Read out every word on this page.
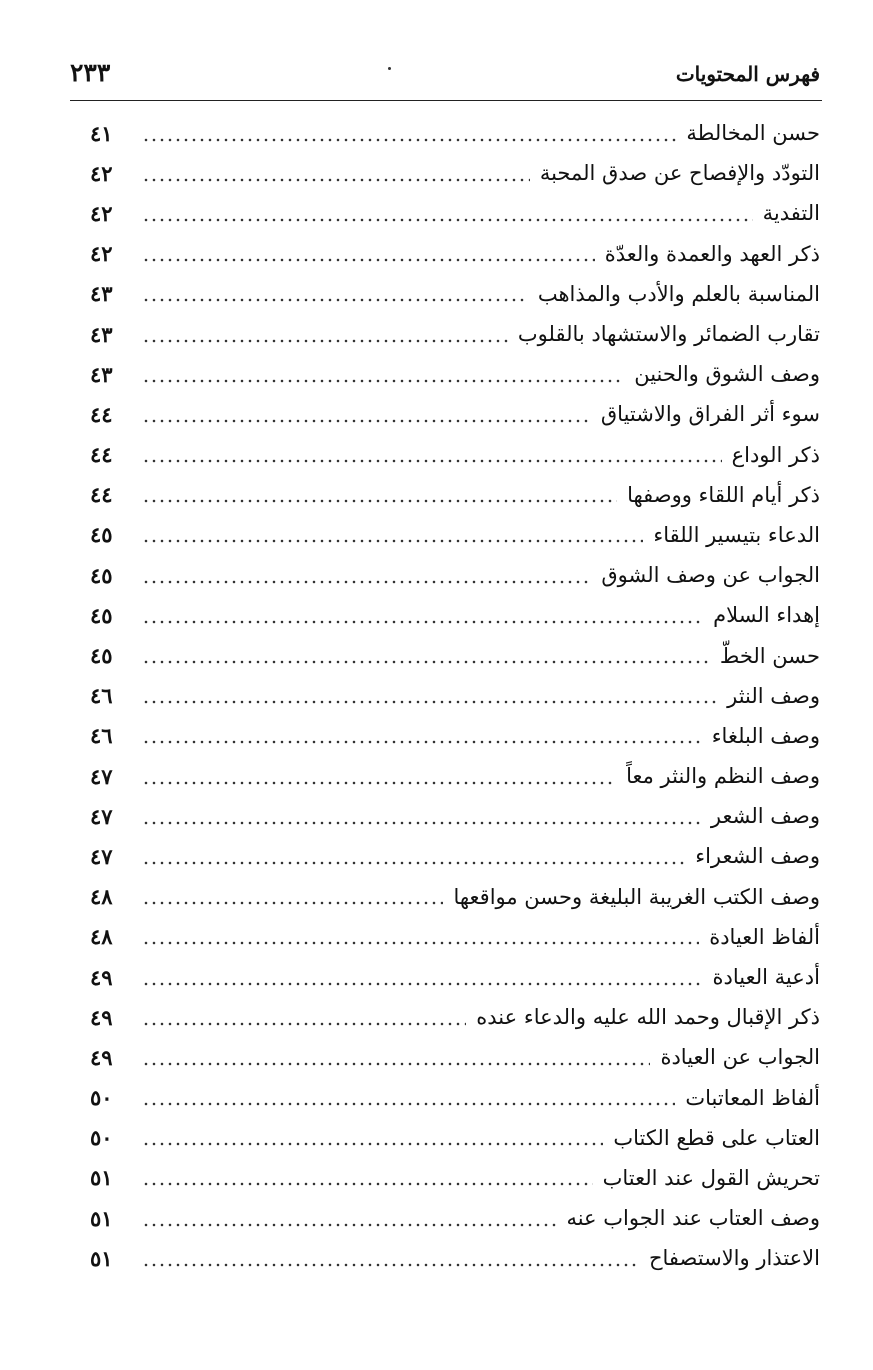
فهرس المحتويات
٢٣٣
حسن المخالطة
٤١
التودّد والإفصاح عن صدق المحبة
٤٢
التفدية
٤٢
ذكر العهد والعمدة والعدّة
٤٢
المناسبة بالعلم والأدب والمذاهب
٤٣
تقارب الضمائر والاستشهاد بالقلوب
٤٣
وصف الشوق والحنين
٤٣
سوء أثر الفراق والاشتياق
٤٤
ذكر الوداع
٤٤
ذكر أيام اللقاء ووصفها
٤٤
الدعاء بتيسير اللقاء
٤٥
الجواب عن وصف الشوق
٤٥
إهداء السلام
٤٥
حسن الخطّ
٤٥
وصف النثر
٤٦
وصف البلغاء
٤٦
وصف النظم والنثر معاً
٤٧
وصف الشعر
٤٧
وصف الشعراء
٤٧
وصف الكتب الغريبة البليغة وحسن مواقعها
٤٨
ألفاظ العيادة
٤٨
أدعية العيادة
٤٩
ذكر الإقبال وحمد الله عليه والدعاء عنده
٤٩
الجواب عن العيادة
٤٩
ألفاظ المعاتبات
٥٠
العتاب على قطع الكتاب
٥٠
تحريش القول عند العتاب
٥١
وصف العتاب عند الجواب عنه
٥١
الاعتذار والاستصفاح
٥١
